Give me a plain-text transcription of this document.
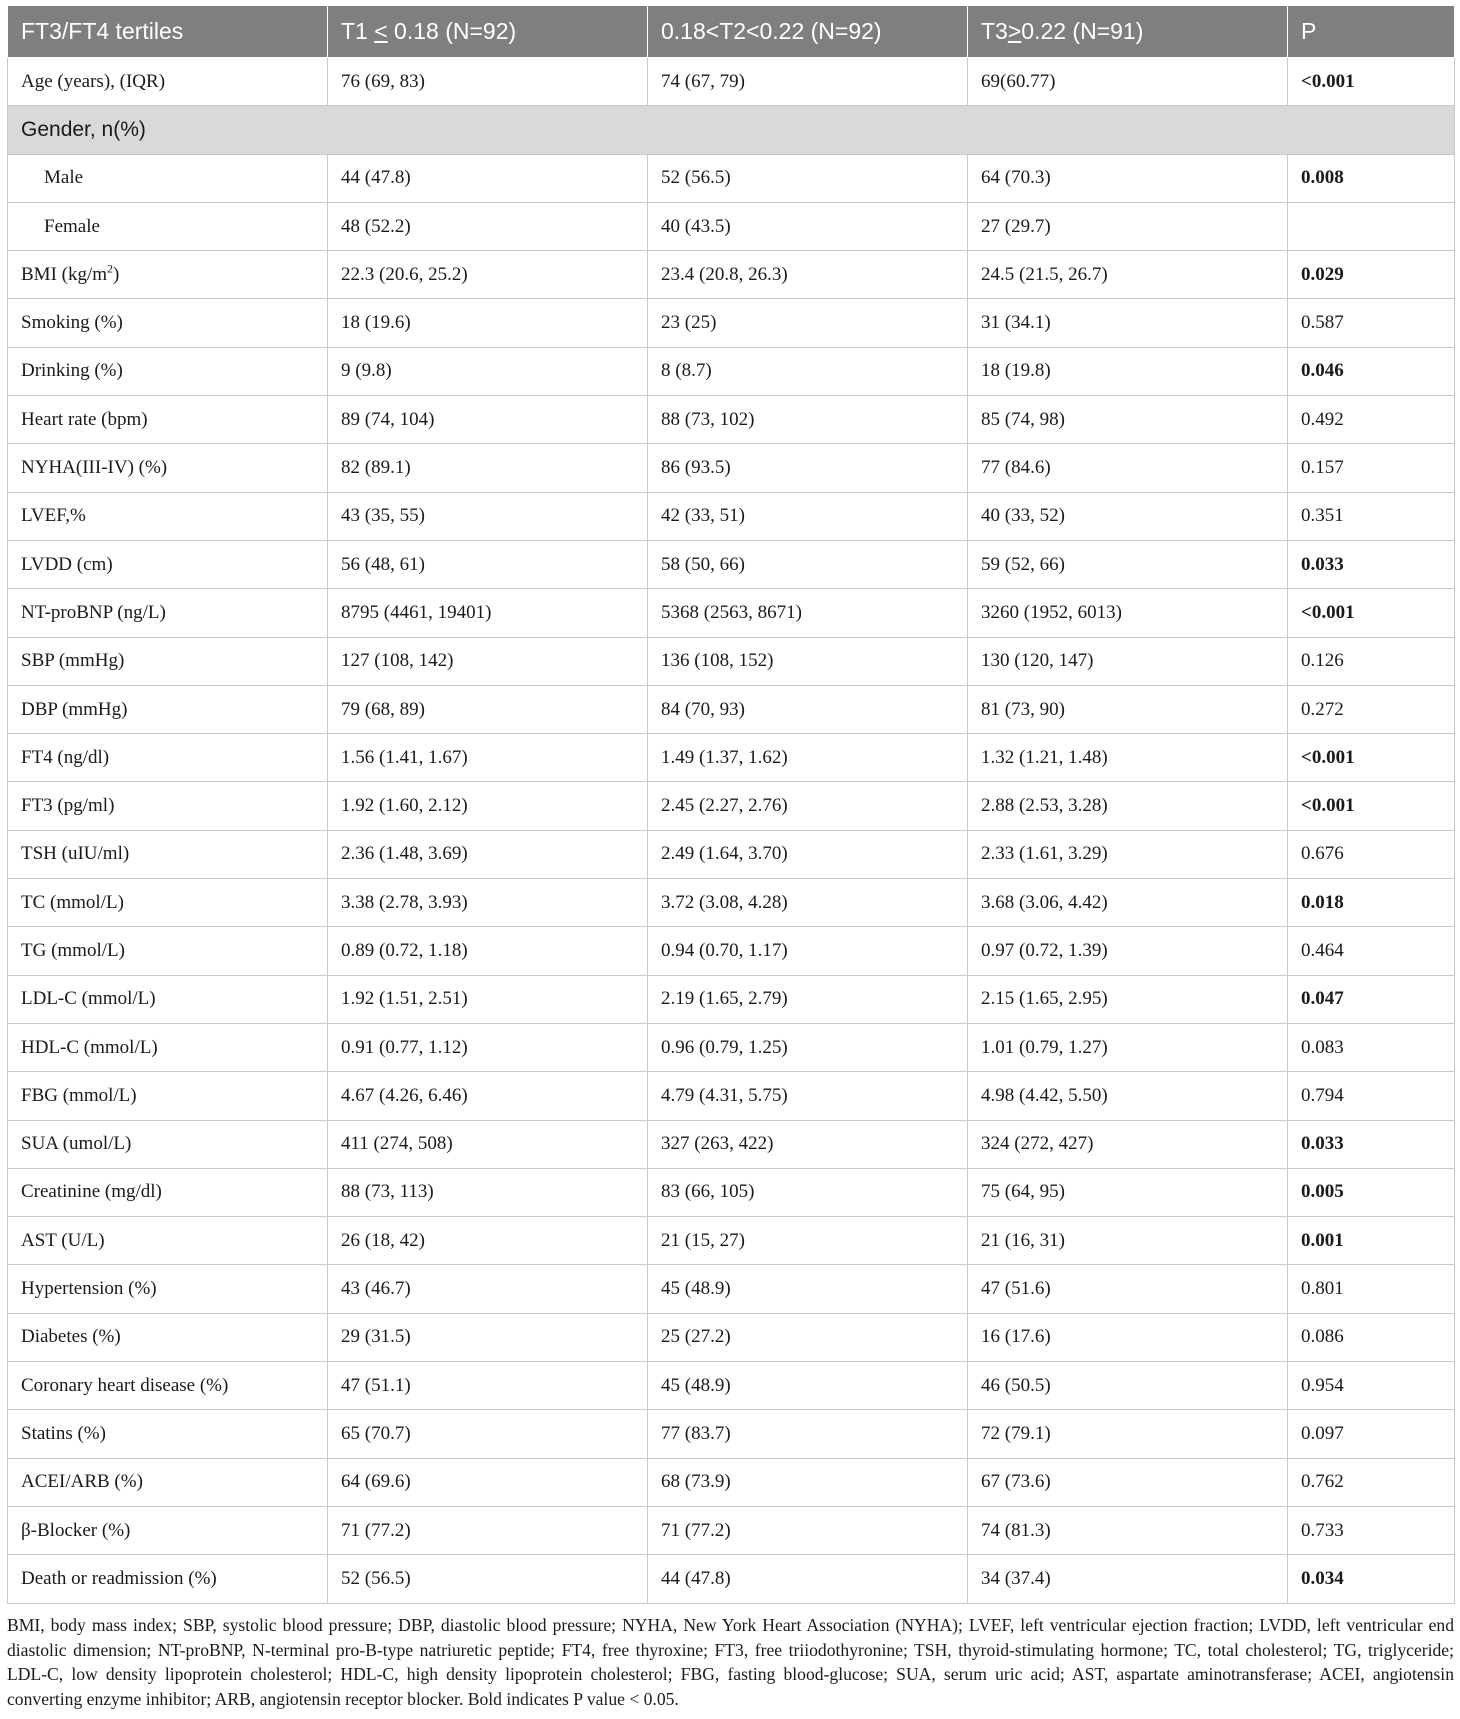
FT3/FT4 tertiles	T1 < 0.18 (N=92)	0.18<T2<0.22 (N=92)	T3>0.22 (N=91)	P
Age (years), (IQR)	76 (69, 83)	74 (67, 79)	69(60.77)	<0.001
Gender, n(%)				
Male	44 (47.8)	52 (56.5)	64 (70.3)	0.008
Female	48 (52.2)	40 (43.5)	27 (29.7)	
BMI $(kg/m^2)$	22.3 (20.6, 25.2)	23.4 (20.8, 26.3)	24.5 (21.5, 26.7)	0.029
Smoking (%)	18 (19.6)	23 (25)	31 (34.1)	0.587
Drinking (%)	9 (9.8)	8 (8.7)	18 (19.8)	0.046
Heart rate (bpm)	89 (74, 104)	88 (73, 102)	85 (74, 98)	0.492
NYHA(III-IV) (%)	82 (89.1)	86 (93.5)	77 (84.6)	0.157
LVEF,%	43 (35, 55)	42 (33, 51)	40 (33, 52)	0.351
LVDD (cm)	56 (48, 61)	58 (50, 66)	59 (52, 66)	0.033
NT-proBNP (ng/L)	8795 (4461, 19401)	5368 (2563, 8671)	3260 (1952, 6013)	<0.001
SBP (mmHg)	127 (108, 142)	136 (108, 152)	130 (120, 147)	0.126
DBP (mmHg)	79 (68, 89)	84 (70, 93)	81 (73, 90)	0.272
FT4 (ng/dl)	1.56 (1.41, 1.67)	1.49 (1.37, 1.62)	1.32 (1.21, 1.48)	<0.001
FT3 (pg/ml)	1.92 (1.60, 2.12)	2.45 (2.27, 2.76)	2.88 (2.53, 3.28)	<0.001
TSH (uIU/ml)	2.36 (1.48, 3.69)	2.49 (1.64, 3.70)	2.33 (1.61, 3.29)	0.676
TC (mmol/L)	3.38 (2.78, 3.93)	3.72 (3.08, 4.28)	3.68 (3.06, 4.42)	0.018
TG (mmol/L)	0.89 (0.72, 1.18)	0.94 (0.70, 1.17)	0.97 (0.72, 1.39)	0.464
LDL-C (mmol/L)	1.92 (1.51, 2.51)	2.19 (1.65, 2.79)	2.15 (1.65, 2.95)	0.047
HDL-C (mmol/L)	0.91 (0.77, 1.12)	0.96 (0.79, 1.25)	1.01 (0.79, 1.27)	0.083
FBG (mmol/L)	4.67 (4.26, 6.46)	4.79 (4.31, 5.75)	4.98 (4.42, 5.50)	0.794
SUA (umol/L)	411 (274, 508)	327 (263, 422)	324 (272, 427)	0.033
Creatinine (mg/dl)	88 (73, 113)	83 (66, 105)	75 (64, 95)	0.005
AST (U/L)	26 (18, 42)	21 (15, 27)	21 (16, 31)	0.001
Hypertension (%)	43 (46.7)	45 (48.9)	47 (51.6)	0.801
Diabetes (%)	29 (31.5)	25 (27.2)	16 (17.6)	0.086
Coronary heart disease (%)	47 (51.1)	45 (48.9)	46 (50.5)	0.954
Statins (%)	65 (70.7)	77 (83.7)	72 (79.1)	0.097
ACEI/ARB (%)	64 (69.6)	68 (73.9)	67 (73.6)	0.762
β-Blocker (%)	71 (77.2)	71 (77.2)	74 (81.3)	0.733
Death or readmission (%)	52 (56.5)	44 (47.8)	34 (37.4)	0.034
BMI, body mass index; SBP, systolic blood pressure; DBP, diastolic blood pressure; NYHA, New York Heart Association (NYHA); LVEF, left ventricular ejection fraction; LVDD, left ventricular end diastolic dimension; NT-proBNP, N-terminal pro-B-type natriuretic peptide; FT4, free thyroxine; FT3, free triiodothyronine; TSH, thyroid-stimulating hormone; TC, total cholesterol; TG, triglyceride; LDL-C, low density lipoprotein cholesterol; HDL-C, high density lipoprotein cholesterol; FBG, fasting blood-glucose; SUA, serum uric acid; AST, aspartate aminotransferase; ACEI, angiotensin converting enzyme inhibitor; ARB, angiotensin receptor blocker. Bold indicates P value < 0.05.
